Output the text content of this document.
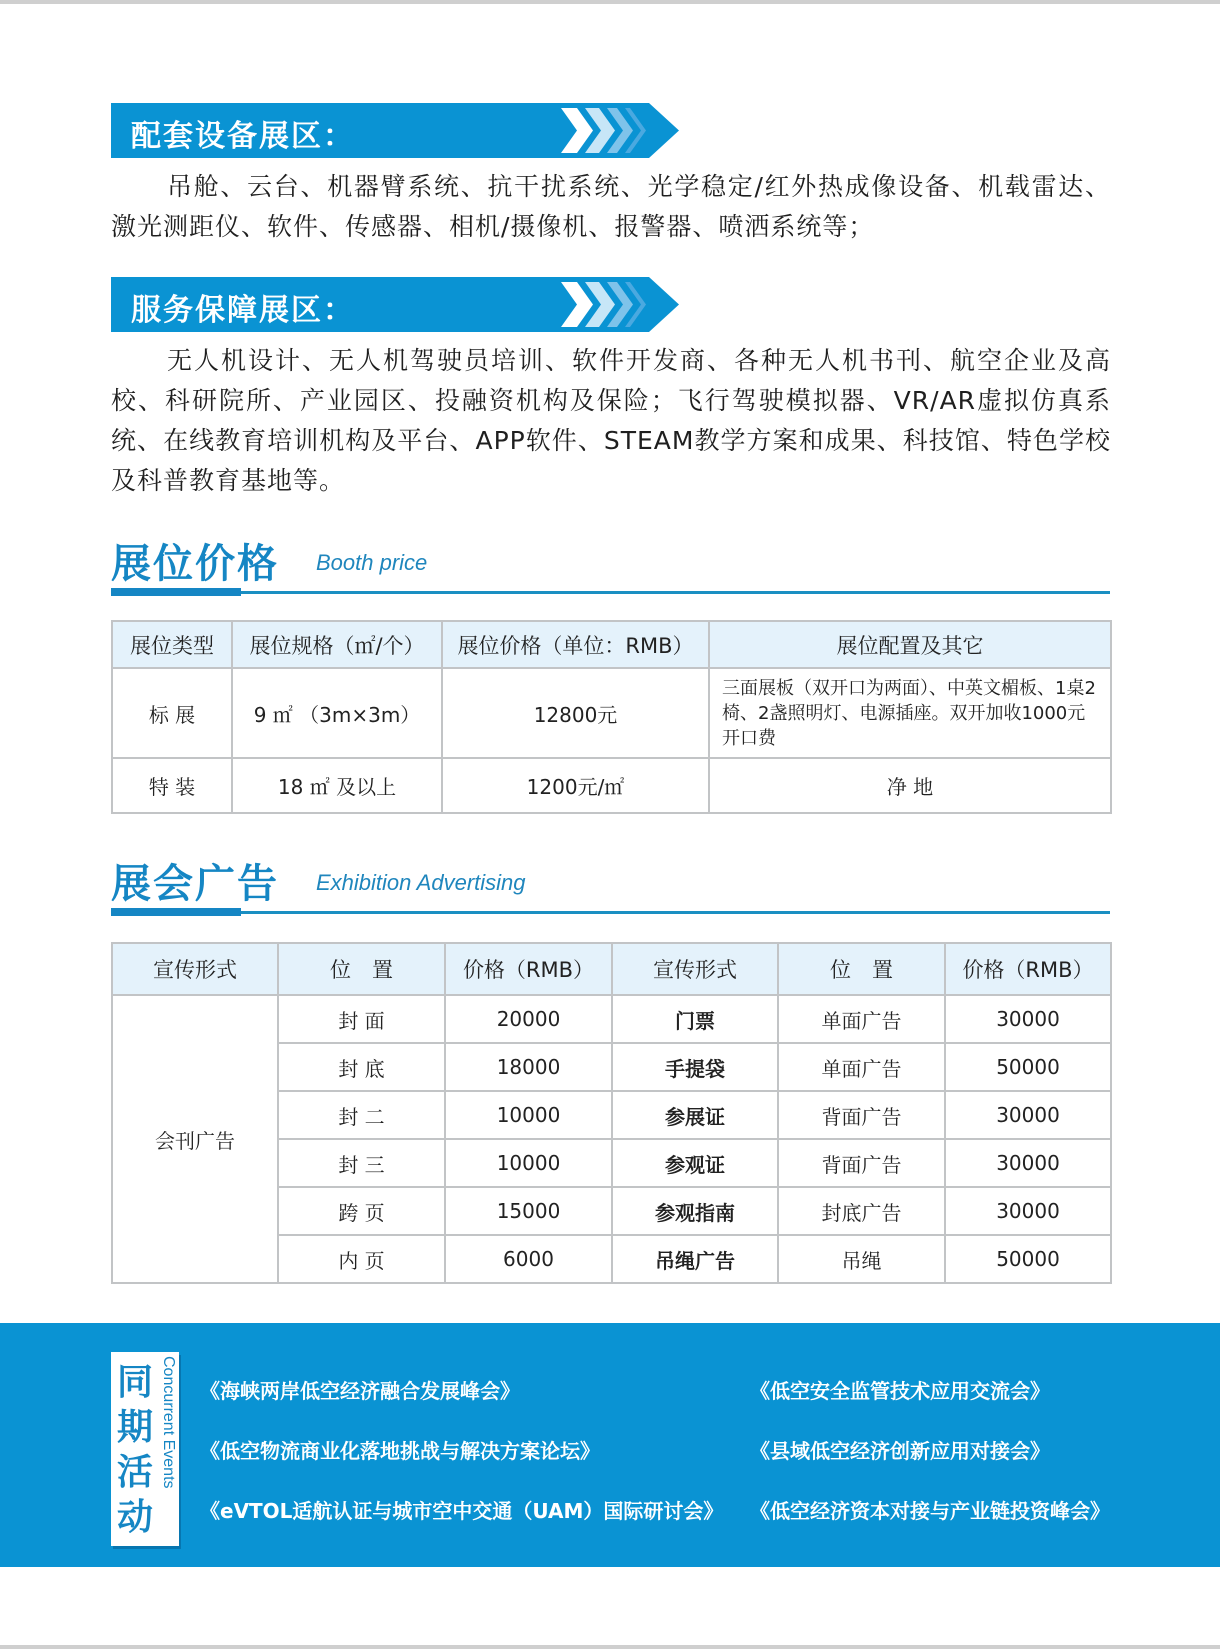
配套设备展区：

吊舱、云台、机器臂系统、抗干扰系统、光学稳定/红外热成像设备、机载雷达、激光测距仪、软件、传感器、相机/摄像机、报警器、喷洒系统等；

服务保障展区：

无人机设计、无人机驾驶员培训、软件开发商、各种无人机书刊、航空企业及高校、科研院所、产业园区、投融资机构及保险；飞行驾驶模拟器、VR/AR虚拟仿真系统、在线教育培训机构及平台、APP软件、STEAM教学方案和成果、科技馆、特色学校及科普教育基地等。

展位价格 Booth price
展位类型	展位规格（㎡/个）	展位价格（单位：RMB）	展位配置及其它
标 展	9 ㎡ （3m×3m）	12800元	三面展板（双开口为两面）、中英文楣板、1桌2椅、2盏照明灯、电源插座。双开加收1000元开口费
特 装	18 ㎡ 及以上	1200元/㎡	净 地
展会广告 Exhibition Advertising
宣传形式	位　置	价格（RMB）	宣传形式	位　置	价格（RMB）
会刊广告	封 面	20000	门票	单面广告	30000
	封 底	18000	手提袋	单面广告	50000
	封 二	10000	参展证	背面广告	30000
	封 三	10000	参观证	背面广告	30000
	跨 页	15000	参观指南	封底广告	30000
	内 页	6000	吊绳广告	吊绳	50000
同
期
活
动
Concurrent Events 《海峡两岸低空经济融合发展峰会》	《低空安全监管技术应用交流会》
《低空物流商业化落地挑战与解决方案论坛》	《县域低空经济创新应用对接会》
《eVTOL适航认证与城市空中交通（UAM）国际研讨会》 《低空经济资本对接与产业链投资峰会》
